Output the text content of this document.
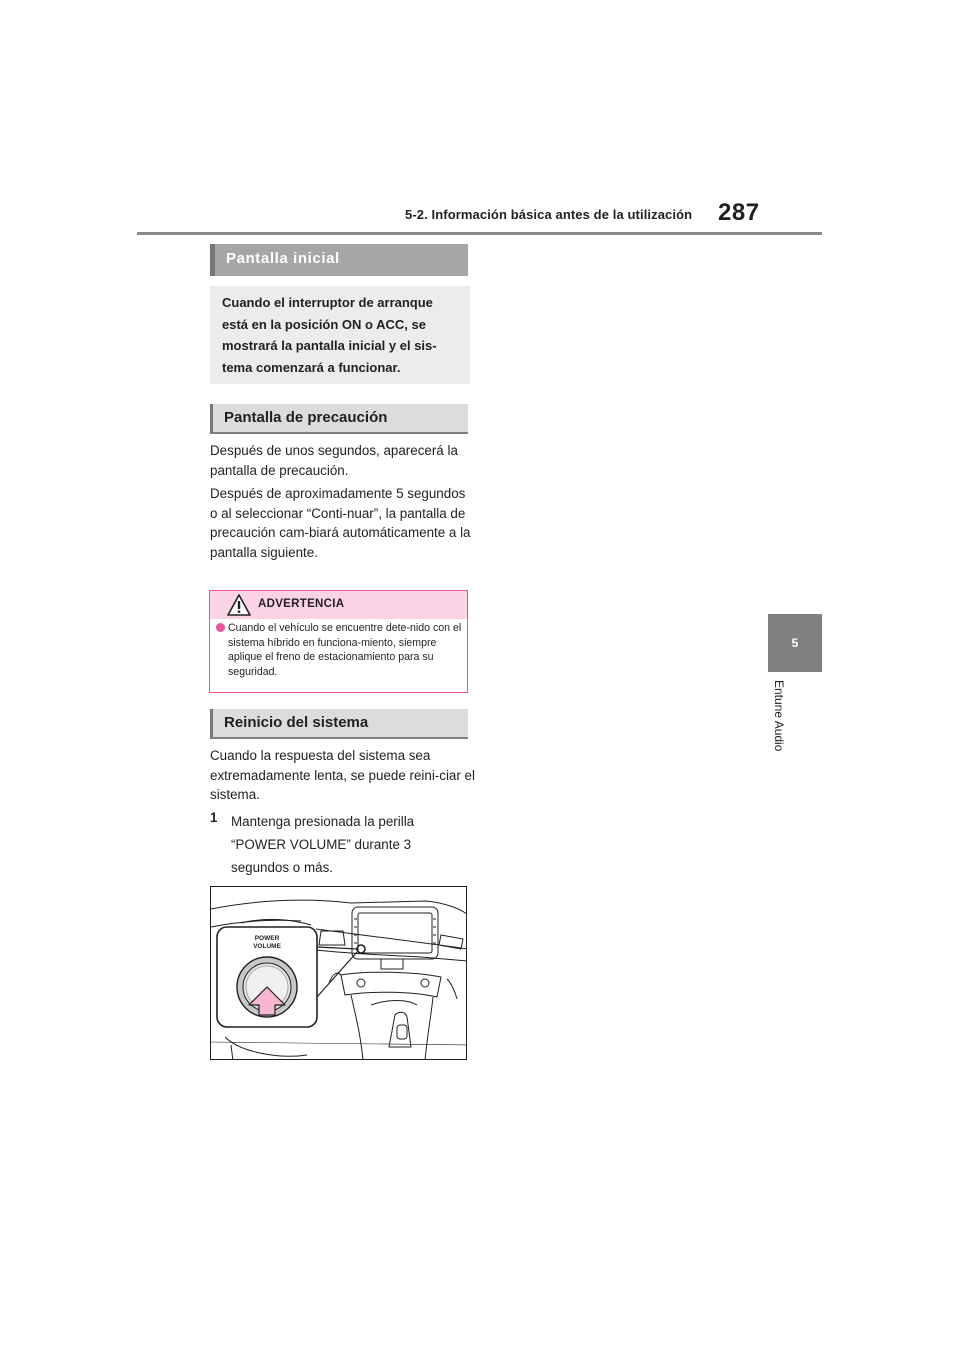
5-2. Información básica antes de la utilización 287
5
Entune Audio
Pantalla inicial
Cuando el interruptor de arranque está en la posición ON o ACC, se mostrará la pantalla inicial y el sis-tema comenzará a funcionar.
Pantalla de precaución

Después de unos segundos, aparecerá la pantalla de precaución.

Después de aproximadamente 5 segundos o al seleccionar “Conti-nuar”, la pantalla de precaución cam-biará automáticamente a la pantalla siguiente.

ADVERTENCIA
Cuando el vehículo se encuentre dete-nido con el sistema híbrido en funciona-miento, siempre aplique el freno de estacionamiento para su seguridad.
Reinicio del sistema

Cuando la respuesta del sistema sea extremadamente lenta, se puede reini-ciar el sistema.

1 Mantenga presionada la perilla “POWER VOLUME” durante 3 segundos o más.
POWER
VOLUME
